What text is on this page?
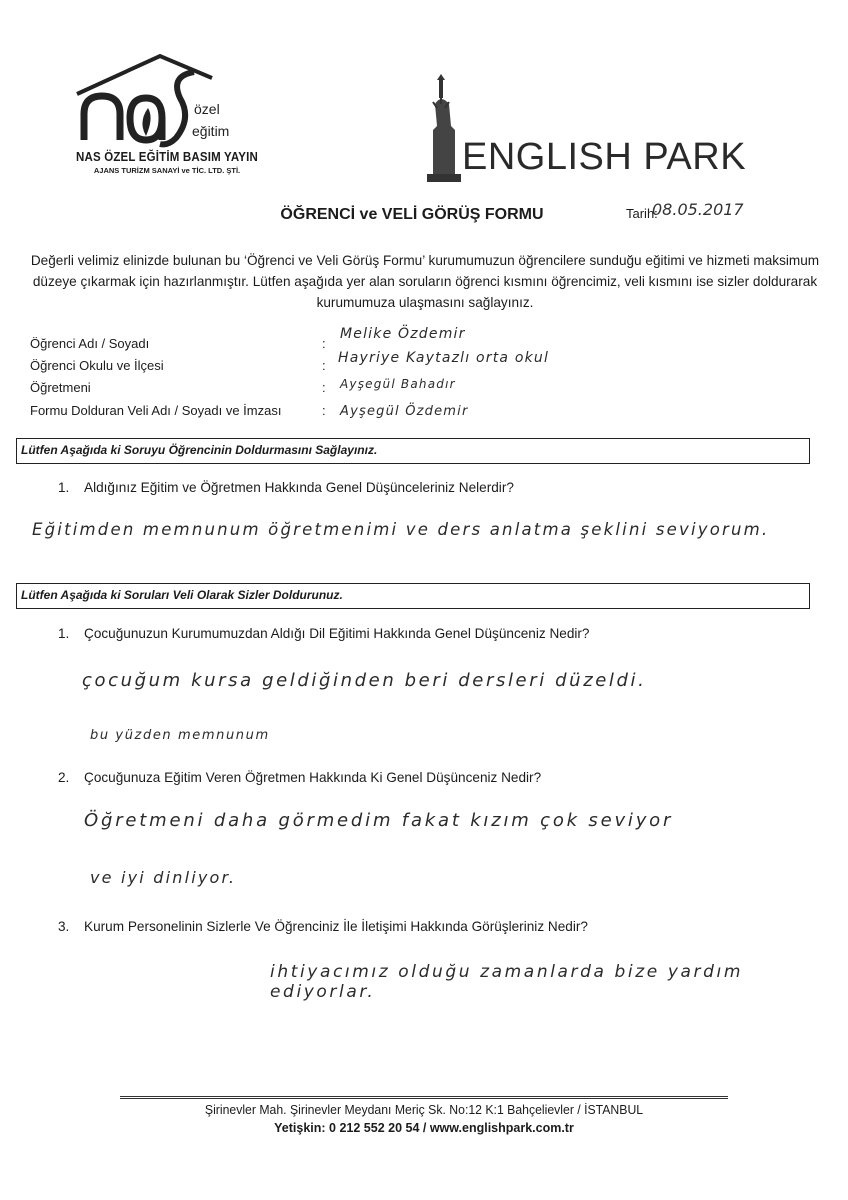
özel
eğitim
NAS ÖZEL EĞİTİM BASIM YAYIN
AJANS TURİZM SANAYİ ve TİC. LTD. ŞTİ.	ENGLISH PARK
ÖĞRENCİ ve VELİ GÖRÜŞ FORMU	Tarih:
08.05.2017
Değerli velimiz elinizde bulunan bu ‘Öğrenci ve Veli Görüş Formu’ kurumumuzun öğrencilere sunduğu eğitimi ve hizmeti maksimum düzeye çıkarmak için hazırlanmıştır. Lütfen aşağıda yer alan soruların öğrenci kısmını öğrencimiz, veli kısmını ise sizler doldurarak kurumumuza ulaşmasını sağlayınız.
Öğrenci Adı / Soyadı	:
Melike Özdemir
Öğrenci Okulu ve İlçesi	: Hayriye Kaytazlı orta okul
Öğretmeni	: Ayşegül Bahadır
Formu Dolduran Veli Adı / Soyadı ve İmzası	: Ayşegül Özdemir
Lütfen Aşağıda ki Soruyu Öğrencinin Doldurmasını Sağlayınız.
1. Aldığınız Eğitim ve Öğretmen Hakkında Genel Düşünceleriniz Nelerdir?
Eğitimden memnunum öğretmenimi ve ders anlatma şeklini seviyorum.
Lütfen Aşağıda ki Soruları Veli Olarak Sizler Doldurunuz.
1. Çocuğunuzun Kurumumuzdan Aldığı Dil Eğitimi Hakkında Genel Düşünceniz Nedir?
çocuğum kursa geldiğinden beri dersleri düzeldi.
bu yüzden memnunum
2. Çocuğunuza Eğitim Veren Öğretmen Hakkında Ki Genel Düşünceniz Nedir?
Öğretmeni daha görmedim fakat kızım çok seviyor
ve iyi dinliyor.
3. Kurum Personelinin Sizlerle Ve Öğrenciniz İle İletişimi Hakkında Görüşleriniz Nedir?
ihtiyacımız olduğu zamanlarda bize yardım ediyorlar.
Şirinevler Mah. Şirinevler Meydanı Meriç Sk. No:12 K:1 Bahçelievler / İSTANBUL
Yetişkin: 0 212 552 20 54 / www.englishpark.com.tr
